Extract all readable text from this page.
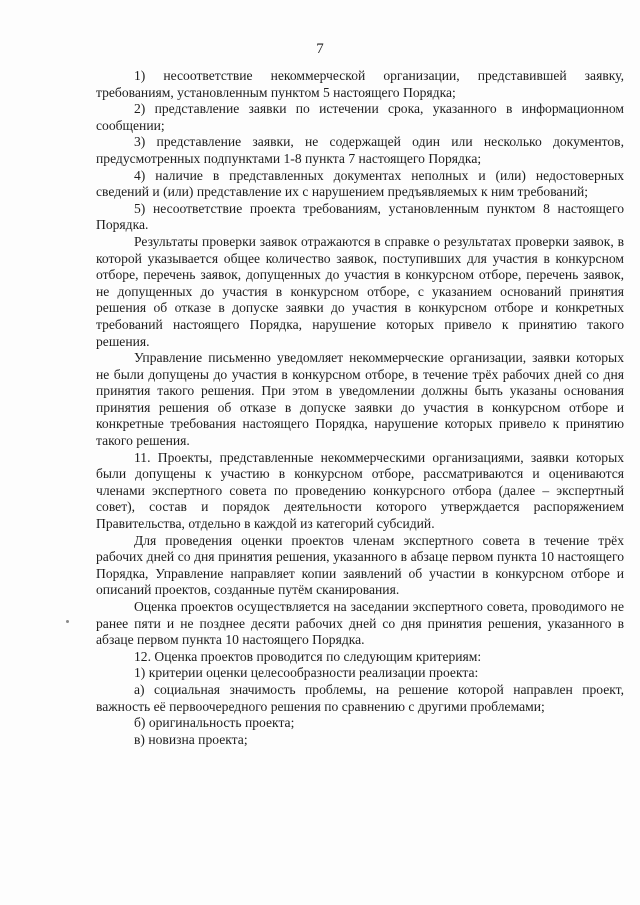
7

1) несоответствие некоммерческой организации, представившей заявку, требованиям, установленным пунктом 5 настоящего Порядка;

2) представление заявки по истечении срока, указанного в информационном сообщении;

3) представление заявки, не содержащей один или несколько документов, предусмотренных подпунктами 1-8 пункта 7 настоящего Порядка;

4) наличие в представленных документах неполных и (или) недостоверных сведений и (или) представление их с нарушением предъявляемых к ним требований;

5) несоответствие проекта требованиям, установленным пунктом 8 настоящего Порядка.

Результаты проверки заявок отражаются в справке о результатах проверки заявок, в которой указывается общее количество заявок, поступивших для участия в конкурсном отборе, перечень заявок, допущенных до участия в конкурсном отборе, перечень заявок, не допущенных до участия в конкурсном отборе, с указанием оснований принятия решения об отказе в допуске заявки до участия в конкурсном отборе и конкретных требований настоящего Порядка, нарушение которых привело к принятию такого решения.

Управление письменно уведомляет некоммерческие организации, заявки которых не были допущены до участия в конкурсном отборе, в течение трёх рабочих дней со дня принятия такого решения. При этом в уведомлении должны быть указаны основания принятия решения об отказе в допуске заявки до участия в конкурсном отборе и конкретные требования настоящего Порядка, нарушение которых привело к принятию такого решения.

11. Проекты, представленные некоммерческими организациями, заявки которых были допущены к участию в конкурсном отборе, рассматриваются и оцениваются членами экспертного совета по проведению конкурсного отбора (далее – экспертный совет), состав и порядок деятельности которого утверждается распоряжением Правительства, отдельно в каждой из категорий субсидий.

Для проведения оценки проектов членам экспертного совета в течение трёх рабочих дней со дня принятия решения, указанного в абзаце первом пункта 10 настоящего Порядка, Управление направляет копии заявлений об участии в конкурсном отборе и описаний проектов, созданные путём сканирования.

Оценка проектов осуществляется на заседании экспертного совета, проводимого не ранее пяти и не позднее десяти рабочих дней со дня принятия решения, указанного в абзаце первом пункта 10 настоящего Порядка.

12. Оценка проектов проводится по следующим критериям:

1) критерии оценки целесообразности реализации проекта:

а) социальная значимость проблемы, на решение которой направлен проект, важность её первоочередного решения по сравнению с другими проблемами;

б) оригинальность проекта;

в) новизна проекта;
